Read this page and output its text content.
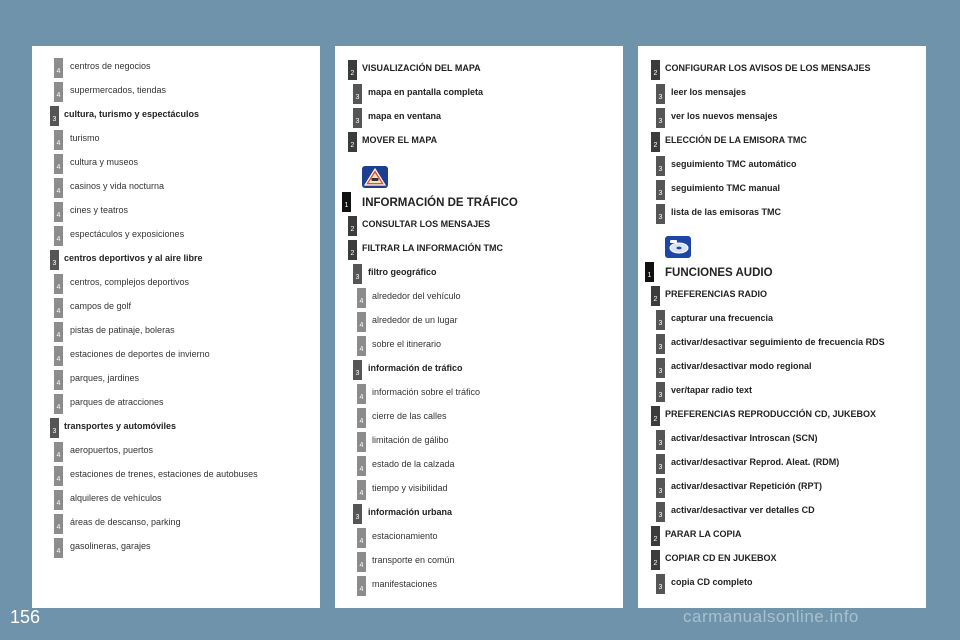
4
centros de negocios
4
supermercados, tiendas
3
cultura, turismo y espectáculos
4
turismo
4
cultura y museos
4
casinos y vida nocturna
4
cines y teatros
4
espectáculos y exposiciones
3
centros deportivos y al aire libre
4
centros, complejos deportivos
4
campos de golf
4
pistas de patinaje, boleras
4
estaciones de deportes de invierno
4
parques, jardines
4
parques de atracciones
3
transportes y automóviles
4
aeropuertos, puertos
4
estaciones de trenes, estaciones de autobuses
4
alquileres de vehículos
4
áreas de descanso, parking
4
gasolineras, garajes
2
VISUALIZACIÓN DEL MAPA
3
mapa en pantalla completa
3
mapa en ventana
2
MOVER EL MAPA
1 INFORMACIÓN DE TRÁFICO
2
CONSULTAR LOS MENSAJES
2
FILTRAR LA INFORMACIÓN TMC
3
filtro geográfico
4
alrededor del vehículo
4
alrededor de un lugar
4
sobre el itinerario
3
información de tráfico
4
información sobre el tráfico
4
cierre de las calles
4
limitación de gálibo
4
estado de la calzada
4
tiempo y visibilidad
3
información urbana
4
estacionamiento
4
transporte en común
4
manifestaciones
2
CONFIGURAR LOS AVISOS DE LOS MENSAJES
3
leer los mensajes
3
ver los nuevos mensajes
2
ELECCIÓN DE LA EMISORA TMC
3
seguimiento TMC automático
3
seguimiento TMC manual
3
lista de las emisoras TMC
1 FUNCIONES AUDIO
2
PREFERENCIAS RADIO
3
capturar una frecuencia
3
activar/desactivar seguimiento de frecuencia RDS
3
activar/desactivar modo regional
3
ver/tapar radio text
2
PREFERENCIAS REPRODUCCIÓN CD, JUKEBOX
3
activar/desactivar Introscan (SCN)
3
activar/desactivar Reprod. Aleat. (RDM)
3
activar/desactivar Repetición (RPT)
3
activar/desactivar ver detalles CD
2
PARAR LA COPIA
2
COPIAR CD EN JUKEBOX
3
copia CD completo
156	carmanualsonline.info
